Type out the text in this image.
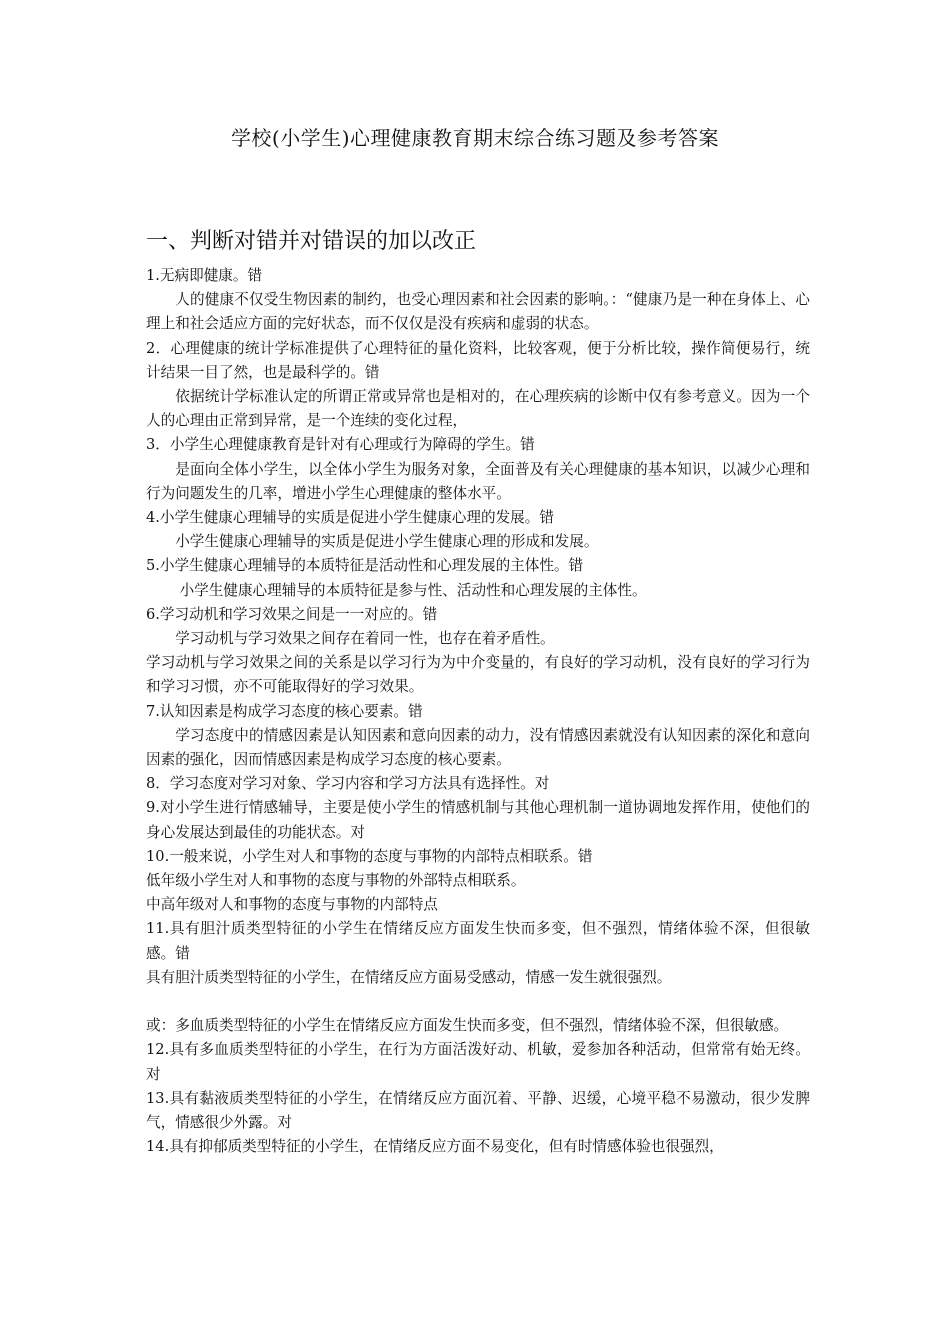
学校(小学生)心理健康教育期末综合练习题及参考答案
一、判断对错并对错误的加以改正

1.无病即健康。错

人的健康不仅受生物因素的制约，也受心理因素和社会因素的影响。：“健康乃是一种在身体上、心理上和社会适应方面的完好状态，而不仅仅是没有疾病和虚弱的状态。

2．心理健康的统计学标准提供了心理特征的量化资料，比较客观，便于分析比较，操作简便易行，统计结果一目了然，也是最科学的。错

依据统计学标准认定的所谓正常或异常也是相对的，在心理疾病的诊断中仅有参考意义。因为一个人的心理由正常到异常，是一个连续的变化过程，

3．小学生心理健康教育是针对有心理或行为障碍的学生。错

是面向全体小学生，以全体小学生为服务对象，全面普及有关心理健康的基本知识，以减少心理和行为问题发生的几率，增进小学生心理健康的整体水平。

4.小学生健康心理辅导的实质是促进小学生健康心理的发展。错

小学生健康心理辅导的实质是促进小学生健康心理的形成和发展。

5.小学生健康心理辅导的本质特征是活动性和心理发展的主体性。错

小学生健康心理辅导的本质特征是参与性、活动性和心理发展的主体性。

6.学习动机和学习效果之间是一一对应的。错

学习动机与学习效果之间存在着同一性，也存在着矛盾性。

学习动机与学习效果之间的关系是以学习行为为中介变量的，有良好的学习动机，没有良好的学习行为和学习习惯，亦不可能取得好的学习效果。

7.认知因素是构成学习态度的核心要素。错

学习态度中的情感因素是认知因素和意向因素的动力，没有情感因素就没有认知因素的深化和意向因素的强化，因而情感因素是构成学习态度的核心要素。

8．学习态度对学习对象、学习内容和学习方法具有选择性。对

9.对小学生进行情感辅导，主要是使小学生的情感机制与其他心理机制一道协调地发挥作用，使他们的身心发展达到最佳的功能状态。对

10.一般来说，小学生对人和事物的态度与事物的内部特点相联系。错

低年级小学生对人和事物的态度与事物的外部特点相联系。

中高年级对人和事物的态度与事物的内部特点

11.具有胆汁质类型特征的小学生在情绪反应方面发生快而多变，但不强烈，情绪体验不深，但很敏感。错

具有胆汁质类型特征的小学生，在情绪反应方面易受感动，情感一发生就很强烈。

或：多血质类型特征的小学生在情绪反应方面发生快而多变，但不强烈，情绪体验不深，但很敏感。

12.具有多血质类型特征的小学生，在行为方面活泼好动、机敏，爱参加各种活动，但常常有始无终。对

13.具有黏液质类型特征的小学生，在情绪反应方面沉着、平静、迟缓，心境平稳不易激动，很少发脾气，情感很少外露。对

14.具有抑郁质类型特征的小学生，在情绪反应方面不易变化，但有时情感体验也很强烈，
